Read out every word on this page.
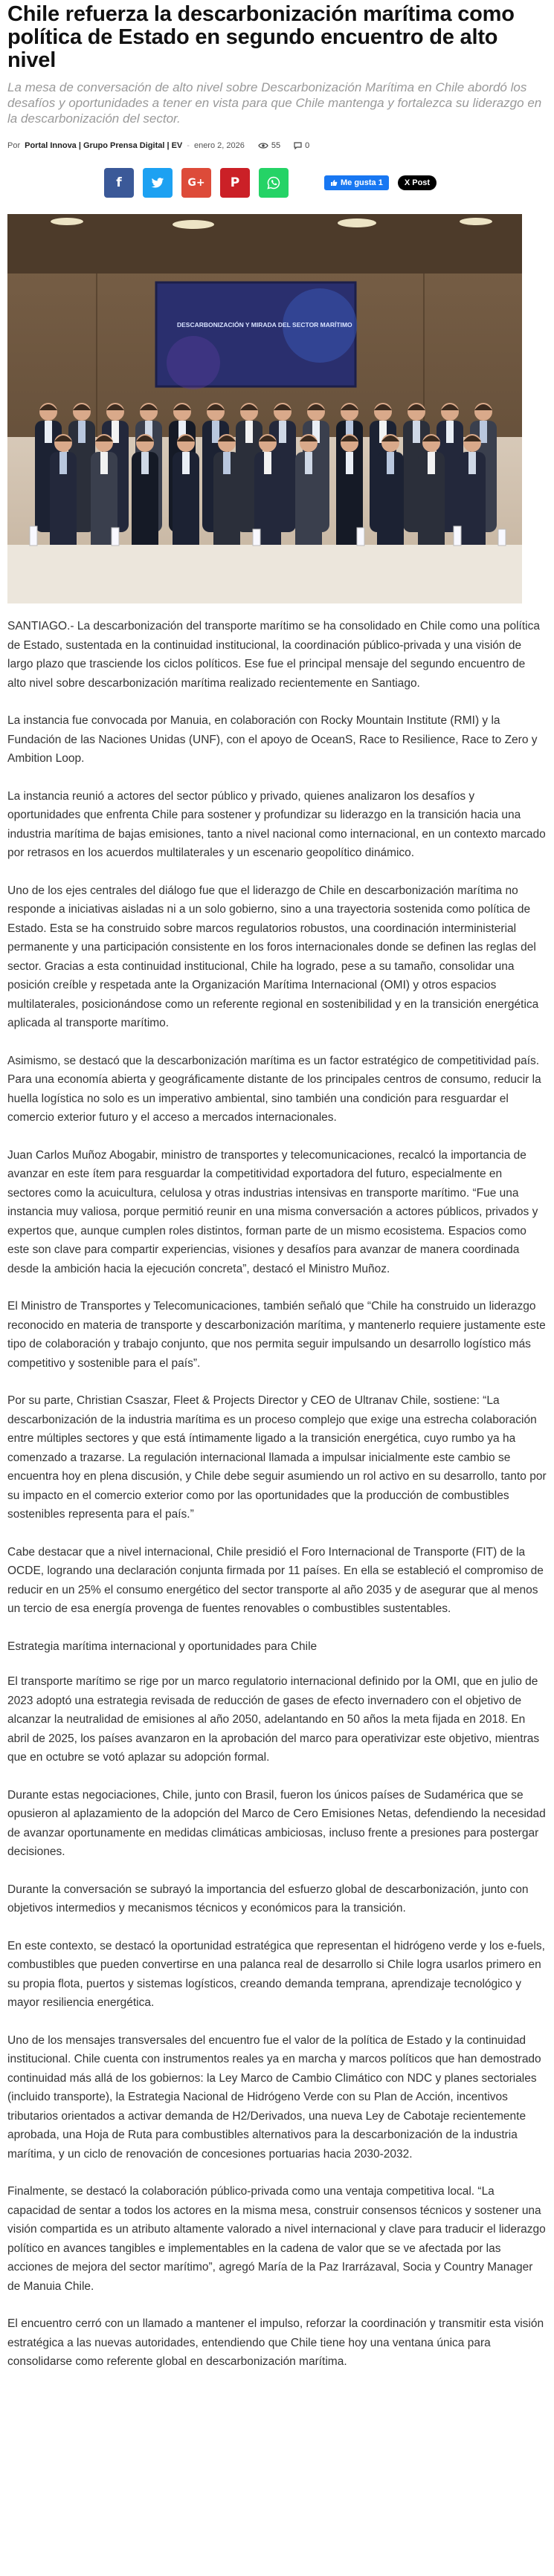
Chile refuerza la descarbonización marítima como política de Estado en segundo encuentro de alto nivel

La mesa de conversación de alto nivel sobre Descarbonización Marítima en Chile abordó los desafíos y oportunidades a tener en vista para que Chile mantenga y fortalezca su liderazgo en la descarbonización del sector.

Por Portal Innova | Grupo Prensa Digital | EV - enero 2, 2026	55	0
f	G+ P	Me gusta 1	X Post
DESCARBONIZACIÓN Y MIRADA DEL SECTOR MARÍTIMO

SANTIAGO.- La descarbonización del transporte marítimo se ha consolidado en Chile como una política de Estado, sustentada en la continuidad institucional, la coordinación público-privada y una visión de largo plazo que trasciende los ciclos políticos. Ese fue el principal mensaje del segundo encuentro de alto nivel sobre descarbonización marítima realizado recientemente en Santiago.

La instancia fue convocada por Manuia, en colaboración con Rocky Mountain Institute (RMI) y la Fundación de las Naciones Unidas (UNF), con el apoyo de OceanS, Race to Resilience, Race to Zero y Ambition Loop.

La instancia reunió a actores del sector público y privado, quienes analizaron los desafíos y oportunidades que enfrenta Chile para sostener y profundizar su liderazgo en la transición hacia una industria marítima de bajas emisiones, tanto a nivel nacional como internacional, en un contexto marcado por retrasos en los acuerdos multilaterales y un escenario geopolítico dinámico.

Uno de los ejes centrales del diálogo fue que el liderazgo de Chile en descarbonización marítima no responde a iniciativas aisladas ni a un solo gobierno, sino a una trayectoria sostenida como política de Estado. Esta se ha construido sobre marcos regulatorios robustos, una coordinación interministerial permanente y una participación consistente en los foros internacionales donde se definen las reglas del sector. Gracias a esta continuidad institucional, Chile ha logrado, pese a su tamaño, consolidar una posición creíble y respetada ante la Organización Marítima Internacional (OMI) y otros espacios multilaterales, posicionándose como un referente regional en sostenibilidad y en la transición energética aplicada al transporte marítimo.

Asimismo, se destacó que la descarbonización marítima es un factor estratégico de competitividad país. Para una economía abierta y geográficamente distante de los principales centros de consumo, reducir la huella logística no solo es un imperativo ambiental, sino también una condición para resguardar el comercio exterior futuro y el acceso a mercados internacionales.

Juan Carlos Muñoz Abogabir, ministro de transportes y telecomunicaciones, recalcó la importancia de avanzar en este ítem para resguardar la competitividad exportadora del futuro, especialmente en sectores como la acuicultura, celulosa y otras industrias intensivas en transporte marítimo. “Fue una instancia muy valiosa, porque permitió reunir en una misma conversación a actores públicos, privados y expertos que, aunque cumplen roles distintos, forman parte de un mismo ecosistema. Espacios como este son clave para compartir experiencias, visiones y desafíos para avanzar de manera coordinada desde la ambición hacia la ejecución concreta”, destacó el Ministro Muñoz.

El Ministro de Transportes y Telecomunicaciones, también señaló que “Chile ha construido un liderazgo reconocido en materia de transporte y descarbonización marítima, y mantenerlo requiere justamente este tipo de colaboración y trabajo conjunto, que nos permita seguir impulsando un desarrollo logístico más competitivo y sostenible para el país”.

Por su parte, Christian Csaszar, Fleet & Projects Director y CEO de Ultranav Chile, sostiene: “La descarbonización de la industria marítima es un proceso complejo que exige una estrecha colaboración entre múltiples sectores y que está íntimamente ligado a la transición energética, cuyo rumbo ya ha comenzado a trazarse. La regulación internacional llamada a impulsar inicialmente este cambio se encuentra hoy en plena discusión, y Chile debe seguir asumiendo un rol activo en su desarrollo, tanto por su impacto en el comercio exterior como por las oportunidades que la producción de combustibles sostenibles representa para el país.”

Cabe destacar que a nivel internacional, Chile presidió el Foro Internacional de Transporte (FIT) de la OCDE, logrando una declaración conjunta firmada por 11 países. En ella se estableció el compromiso de reducir en un 25% el consumo energético del sector transporte al año 2035 y de asegurar que al menos un tercio de esa energía provenga de fuentes renovables o combustibles sustentables.

Estrategia marítima internacional y oportunidades para Chile

El transporte marítimo se rige por un marco regulatorio internacional definido por la OMI, que en julio de 2023 adoptó una estrategia revisada de reducción de gases de efecto invernadero con el objetivo de alcanzar la neutralidad de emisiones al año 2050, adelantando en 50 años la meta fijada en 2018. En abril de 2025, los países avanzaron en la aprobación del marco para operativizar este objetivo, mientras que en octubre se votó aplazar su adopción formal.

Durante estas negociaciones, Chile, junto con Brasil, fueron los únicos países de Sudamérica que se opusieron al aplazamiento de la adopción del Marco de Cero Emisiones Netas, defendiendo la necesidad de avanzar oportunamente en medidas climáticas ambiciosas, incluso frente a presiones para postergar decisiones.

Durante la conversación se subrayó la importancia del esfuerzo global de descarbonización, junto con objetivos intermedios y mecanismos técnicos y económicos para la transición.

En este contexto, se destacó la oportunidad estratégica que representan el hidrógeno verde y los e-fuels, combustibles que pueden convertirse en una palanca real de desarrollo si Chile logra usarlos primero en su propia flota, puertos y sistemas logísticos, creando demanda temprana, aprendizaje tecnológico y mayor resiliencia energética.

Uno de los mensajes transversales del encuentro fue el valor de la política de Estado y la continuidad institucional. Chile cuenta con instrumentos reales ya en marcha y marcos políticos que han demostrado continuidad más allá de los gobiernos: la Ley Marco de Cambio Climático con NDC y planes sectoriales (incluido transporte), la Estrategia Nacional de Hidrógeno Verde con su Plan de Acción, incentivos tributarios orientados a activar demanda de H2/Derivados, una nueva Ley de Cabotaje recientemente aprobada, una Hoja de Ruta para combustibles alternativos para la descarbonización de la industria marítima, y un ciclo de renovación de concesiones portuarias hacia 2030-2032.

Finalmente, se destacó la colaboración público-privada como una ventaja competitiva local. “La capacidad de sentar a todos los actores en la misma mesa, construir consensos técnicos y sostener una visión compartida es un atributo altamente valorado a nivel internacional y clave para traducir el liderazgo político en avances tangibles e implementables en la cadena de valor que se ve afectada por las acciones de mejora del sector marítimo”, agregó María de la Paz Irarrázaval, Socia y Country Manager de Manuia Chile.

El encuentro cerró con un llamado a mantener el impulso, reforzar la coordinación y transmitir esta visión estratégica a las nuevas autoridades, entendiendo que Chile tiene hoy una ventana única para consolidarse como referente global en descarbonización marítima.
